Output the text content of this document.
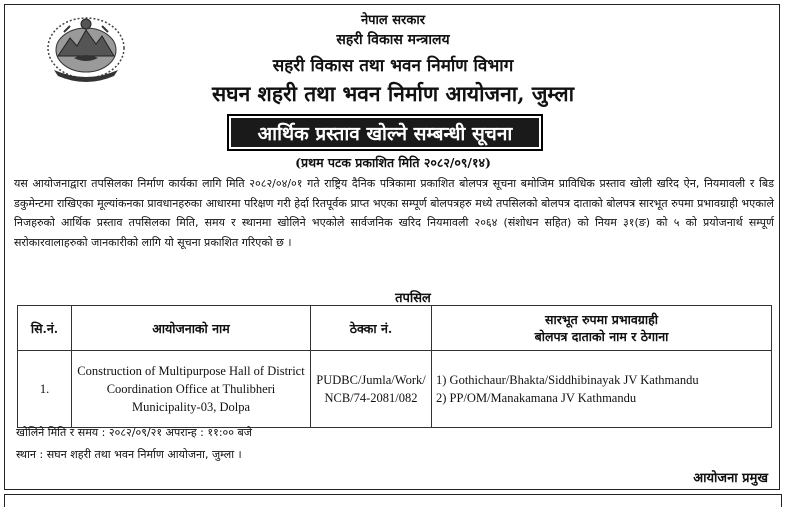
नेपाल सरकार
सहरी विकास मन्त्रालय
सहरी विकास तथा भवन निर्माण विभाग
सघन शहरी तथा भवन निर्माण आयोजना, जुम्ला
आर्थिक प्रस्ताव खोल्ने सम्बन्धी सूचना
(प्रथम पटक प्रकाशित मिति २०८२/०९/१४)

यस आयोजनाद्वारा तपसिलका निर्माण कार्यका लागि मिति २०८२/०४/०१ गते राष्ट्रिय दैनिक पत्रिकामा प्रकाशित बोलपत्र सूचना बमोजिम प्राविधिक प्रस्ताव खोली खरिद ऐन, नियमावली र बिड डकुमेन्टमा राखिएका मूल्यांकनका प्रावधानहरुका आधारमा परिक्षण गरी हेर्दा रितपूर्वक प्राप्त भएका सम्पूर्ण बोलपत्रहरु मध्ये तपसिलको बोलपत्र दाताको बोलपत्र सारभूत रुपमा प्रभावग्राही भएकाले निजहरुको आर्थिक प्रस्ताव तपसिलका मिति, समय र स्थानमा खोलिने भएकोले सार्वजनिक खरिद नियमावली २०६४ (संशोधन सहित) को नियम ३१(ङ) को ५ को प्रयोजनार्थ सम्पूर्ण सरोकारवालाहरुको जानकारीको लागि यो सूचना प्रकाशित गरिएको छ ।

तपसिल
सि.नं.	आयोजनाको नाम	ठेक्का नं.	सारभूत रुपमा प्रभावग्राही
बोलपत्र दाताको नाम र ठेगाना

1.	Construction of Multipurpose Hall of District Coordination Office at Thulibheri Municipality-03, Dolpa	PUDBC/Jumla/Work/ NCB/74-2081/082	1) Gothichaur/Bhakta/Siddhibinayak JV Kathmandu
2) PP/OM/Manakamana JV Kathmandu
खोलिने मिति र समय : २०८२/०९/२१ अपरान्ह : ११:०० बजे
स्थान : सघन शहरी तथा भवन निर्माण आयोजना, जुम्ला ।
आयोजना प्रमुख
